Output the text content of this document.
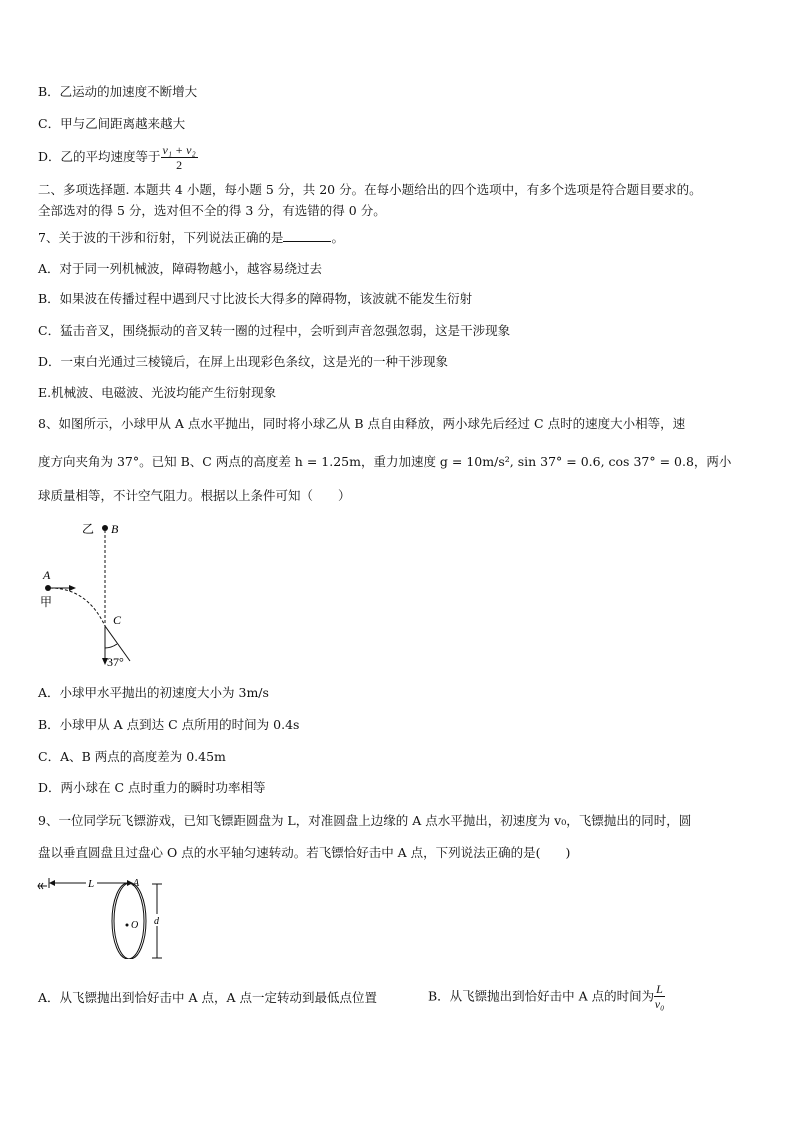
B．乙运动的加速度不断增大
C．甲与乙间距离越来越大
D．乙的平均速度等于 $\frac{\text{v₁ + v₂}}{2}$
二、多项选择题. 本题共 4 小题，每小题 5 分，共 20 分。在每小题给出的四个选项中，有多个选项是符合题目要求的。
全部选对的得 5 分，选对但不全的得 3 分，有选错的得 0 分。
7、关于波的干涉和衍射，下列说法正确的是	。
A．对于同一列机械波，障碍物越小，越容易绕过去
B．如果波在传播过程中遇到尺寸比波长大得多的障碍物，该波就不能发生衍射
C．猛击音叉，围绕振动的音叉转一圈的过程中，会听到声音忽强忽弱，这是干涉现象
D．一束白光通过三棱镜后，在屏上出现彩色条纹，这是光的一种干涉现象
E.机械波、电磁波、光波均能产生衍射现象
8、如图所示，小球甲从 A 点水平抛出，同时将小球乙从 B 点自由释放，两小球先后经过 C 点时的速度大小相等，速
度方向夹角为 37°。已知 B、C 两点的高度差 h = 1.25m，重力加速度 g = 10m/s², sin 37° = 0.6, cos 37° = 0.8，两小
球质量相等，不计空气阻力。根据以上条件可知（　　）
乙 B
A
甲
C
37°
A．小球甲水平抛出的初速度大小为 3m/s
B．小球甲从 A 点到达 C 点所用的时间为 0.4s
C．A、B 两点的高度差为 0.45m
D．两小球在 C 点时重力的瞬时功率相等
9、一位同学玩飞镖游戏，已知飞镖距圆盘为 L，对准圆盘上边缘的 A 点水平抛出，初速度为 v₀，飞镖抛出的同时，圆
盘以垂直圆盘且过盘心 O 点的水平轴匀速转动。若飞镖恰好击中 A 点，下列说法正确的是(　　)
L	A
O d
A．从飞镖抛出到恰好击中 A 点，A 点一定转动到最低点位置	B．从飞镖抛出到恰好击中 A 点的时间为 $\frac{L}{\text{v₀}}$
